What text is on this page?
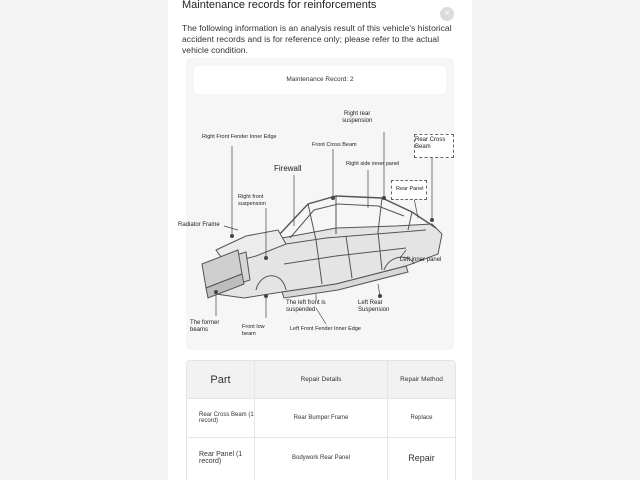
Maintenance records for reinforcements
×
The following information is an analysis result of this vehicle's historical accident records and is for reference only; please refer to the actual vehicle condition.
Maintenance Record: 2
Right Front Fender Inner Edge
Front Cross Beam
Right rear
suspension
Rear Cross
Beam
Right side inner panel
Firewall
Rear Panel
Right front
suspension
Radiator Frame
Left inner panel
The left front is
suspended
Left Rear
Suspension
The former
beams	Front low
beam
Left Front Fender Inner Edge
Part	Repair Details	Repair Method
Rear Cross Beam (1 record)	Rear Bumper Frame	Replace
Rear Panel (1 record)	Bodywork Rear Panel	Repair
